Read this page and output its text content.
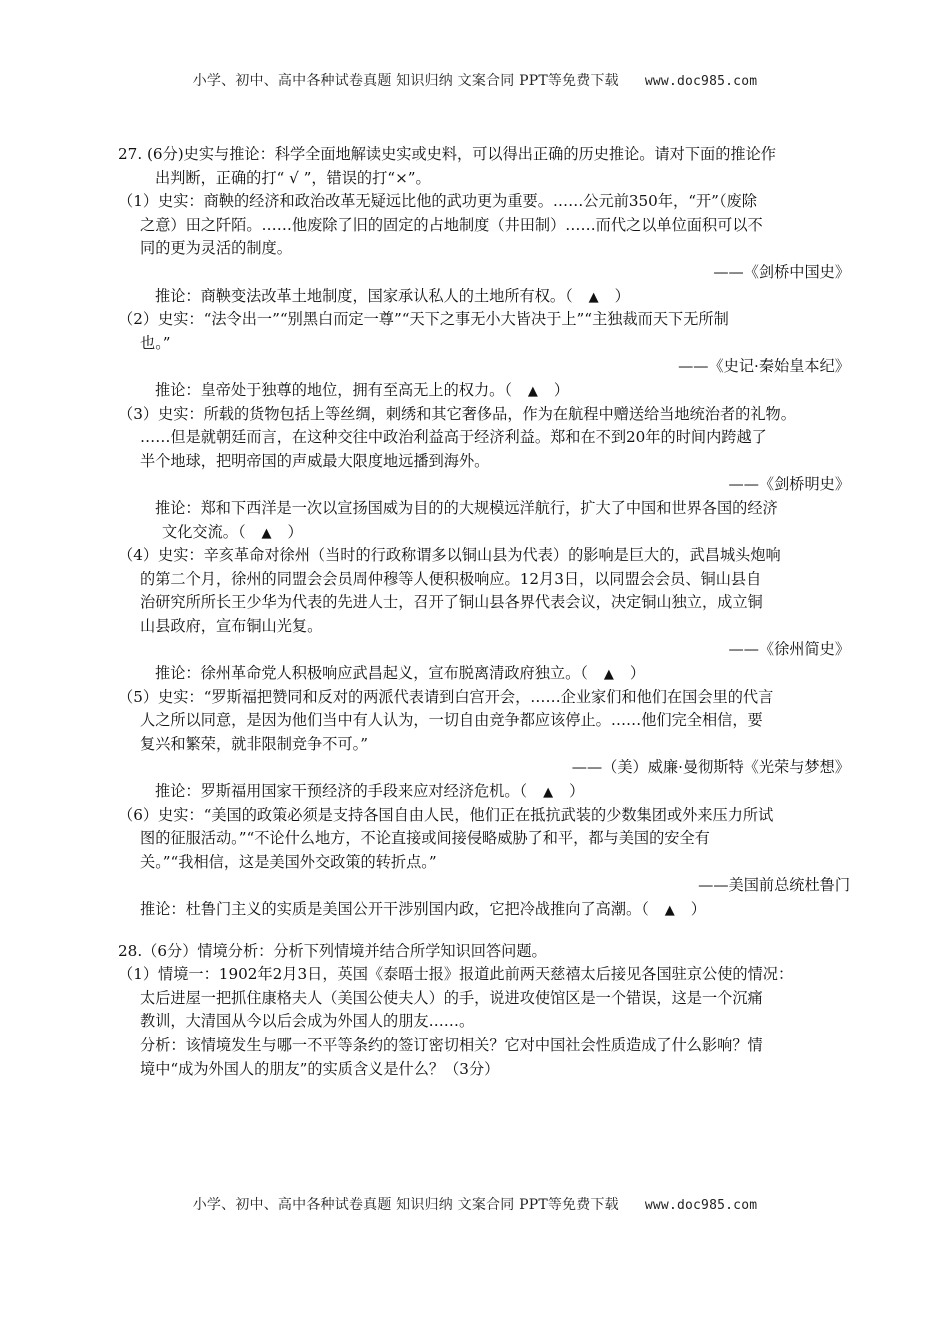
小学、初中、高中各种试卷真题 知识归纳 文案合同 PPT等免费下载 www.doc985.com
27. (6分)史实与推论：科学全面地解读史实或史料，可以得出正确的历史推论。请对下面的推论作
出判断，正确的打“ √ ”，错误的打“×”。
（1）史实：商鞅的经济和政治改革无疑远比他的武功更为重要。……公元前350年，“开”（废除
之意）田之阡陌。……他废除了旧的固定的占地制度（井田制）……而代之以单位面积可以不
同的更为灵活的制度。
——《剑桥中国史》
推论：商鞅变法改革土地制度，国家承认私人的土地所有权。（ ▲ ）
（2）史实：“法令出一”“别黑白而定一尊”“天下之事无小大皆决于上”“主独裁而天下无所制
也。”
——《史记·秦始皇本纪》
推论：皇帝处于独尊的地位，拥有至高无上的权力。（ ▲ ）
（3）史实：所载的货物包括上等丝绸，刺绣和其它奢侈品，作为在航程中赠送给当地统治者的礼物。
……但是就朝廷而言，在这种交往中政治利益高于经济利益。郑和在不到20年的时间内跨越了
半个地球，把明帝国的声威最大限度地远播到海外。
——《剑桥明史》
推论：郑和下西洋是一次以宣扬国威为目的的大规模远洋航行，扩大了中国和世界各国的经济
文化交流。（ ▲ ）
（4）史实：辛亥革命对徐州（当时的行政称谓多以铜山县为代表）的影响是巨大的，武昌城头炮响
的第二个月，徐州的同盟会会员周仲穆等人便积极响应。12月3日，以同盟会会员、铜山县自
治研究所所长王少华为代表的先进人士，召开了铜山县各界代表会议，决定铜山独立，成立铜
山县政府，宣布铜山光复。
——《徐州简史》
推论：徐州革命党人积极响应武昌起义，宣布脱离清政府独立。（ ▲ ）
（5）史实：“罗斯福把赞同和反对的两派代表请到白宫开会，……企业家们和他们在国会里的代言
人之所以同意，是因为他们当中有人认为，一切自由竞争都应该停止。……他们完全相信，要
复兴和繁荣，就非限制竞争不可。”
——（美）威廉·曼彻斯特《光荣与梦想》
推论：罗斯福用国家干预经济的手段来应对经济危机。（ ▲ ）
（6）史实：“美国的政策必须是支持各国自由人民，他们正在抵抗武装的少数集团或外来压力所试
图的征服活动。”“不论什么地方，不论直接或间接侵略威胁了和平，都与美国的安全有
关。”“我相信，这是美国外交政策的转折点。”
——美国前总统杜鲁门
推论：杜鲁门主义的实质是美国公开干涉别国内政，它把冷战推向了高潮。（ ▲ ）
28.（6分）情境分析：分析下列情境并结合所学知识回答问题。
（1）情境一：1902年2月3日，英国《泰晤士报》报道此前两天慈禧太后接见各国驻京公使的情况：
太后进屋一把抓住康格夫人（美国公使夫人）的手，说进攻使馆区是一个错误，这是一个沉痛
教训，大清国从今以后会成为外国人的朋友……。
分析：该情境发生与哪一不平等条约的签订密切相关？它对中国社会性质造成了什么影响？情
境中“成为外国人的朋友”的实质含义是什么？（3分）
小学、初中、高中各种试卷真题 知识归纳 文案合同 PPT等免费下载 www.doc985.com
